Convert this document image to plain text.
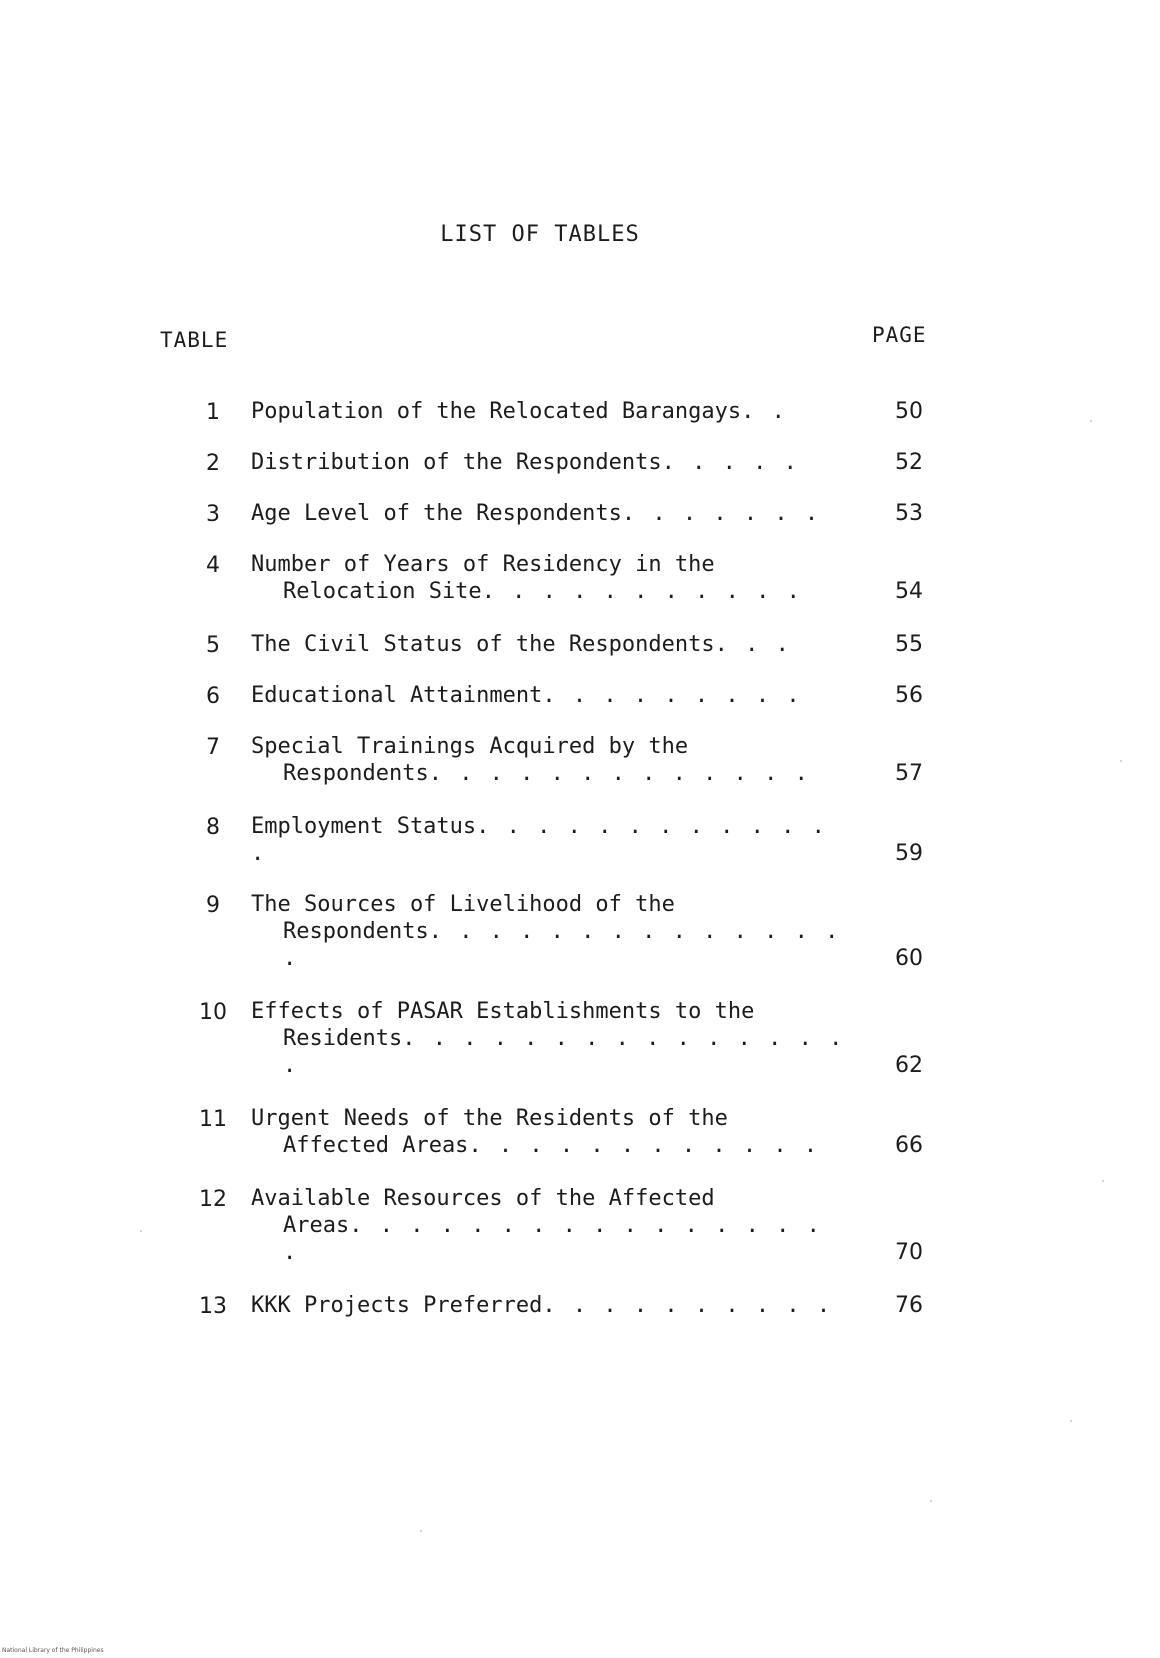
LIST OF TABLES
TABLE	PAGE
1	Population of the Relocated Barangays. .	50
2	Distribution of the Respondents. . . . .	52
3	Age Level of the Respondents. . . . . . .	53
4	Number of Years of Residency in the
Relocation Site. . . . . . . . . . .	54
5	The Civil Status of the Respondents. . .	55
6	Educational Attainment. . . . . . . . .	56
7	Special Trainings Acquired by the
Respondents. . . . . . . . . . . . .	57
8	Employment Status. . . . . . . . . . . . .	59
9	The Sources of Livelihood of the
Respondents. . . . . . . . . . . . . . .	60
10	Effects of PASAR Establishments to the
Residents. . . . . . . . . . . . . . . .	62
11	Urgent Needs of the Residents of the
Affected Areas. . . . . . . . . . . .	66
12	Available Resources of the Affected
Areas. . . . . . . . . . . . . . . . .	70
13	KKK Projects Preferred. . . . . . . . . .	76
National Library of the Philippines
